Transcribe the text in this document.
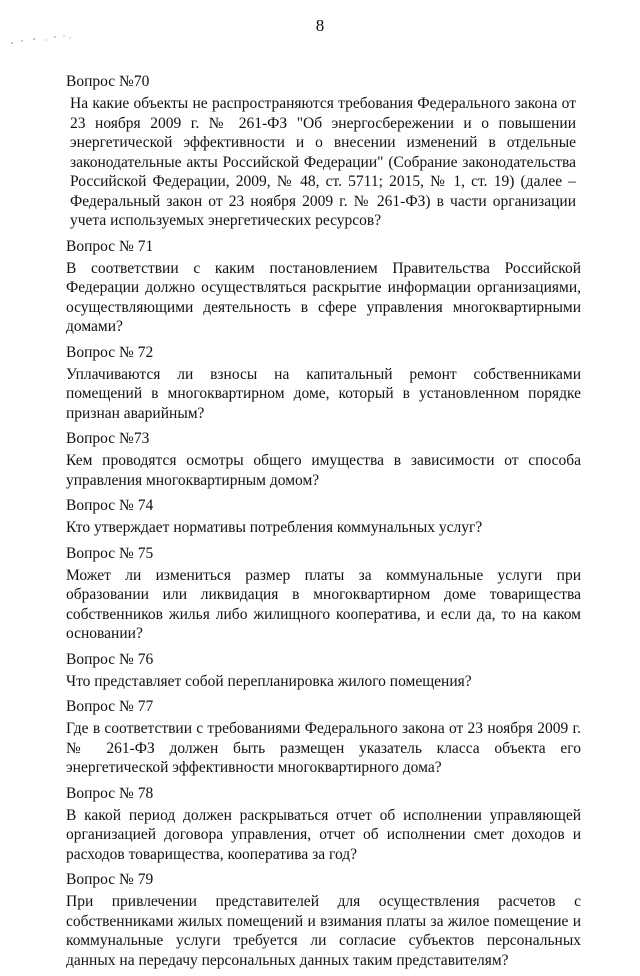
8
Вопрос №70
На какие объекты не распространяются требования Федерального закона от 23 ноября 2009 г. № 261-ФЗ "Об энергосбережении и о повышении энергетической эффективности и о внесении изменений в отдельные законодательные акты Российской Федерации" (Собрание законодательства Российской Федерации, 2009, № 48, ст. 5711; 2015, № 1, ст. 19) (далее – Федеральный закон от 23 ноября 2009 г. № 261-ФЗ) в части организации учета используемых энергетических ресурсов?
Вопрос № 71
В соответствии с каким постановлением Правительства Российской Федерации должно осуществляться раскрытие информации организациями, осуществляющими деятельность в сфере управления многоквартирными домами?
Вопрос № 72
Уплачиваются ли взносы на капитальный ремонт собственниками помещений в многоквартирном доме, который в установленном порядке признан аварийным?
Вопрос №73
Кем проводятся осмотры общего имущества в зависимости от способа управления многоквартирным домом?
Вопрос № 74
Кто утверждает нормативы потребления коммунальных услуг?
Вопрос № 75
Может ли измениться размер платы за коммунальные услуги при образовании или ликвидация в многоквартирном доме товарищества собственников жилья либо жилищного кооператива, и если да, то на каком основании?
Вопрос № 76
Что представляет собой перепланировка жилого помещения?
Вопрос № 77
Где в соответствии с требованиями Федерального закона от 23 ноября 2009 г. № 261-ФЗ должен быть размещен указатель класса объекта его энергетической эффективности многоквартирного дома?
Вопрос № 78
В какой период должен раскрываться отчет об исполнении управляющей организацией договора управления, отчет об исполнении смет доходов и расходов товарищества, кооператива за год?
Вопрос № 79
При привлечении представителей для осуществления расчетов с собственниками жилых помещений и взимания платы за жилое помещение и коммунальные услуги требуется ли согласие субъектов персональных данных на передачу персональных данных таким представителям?
